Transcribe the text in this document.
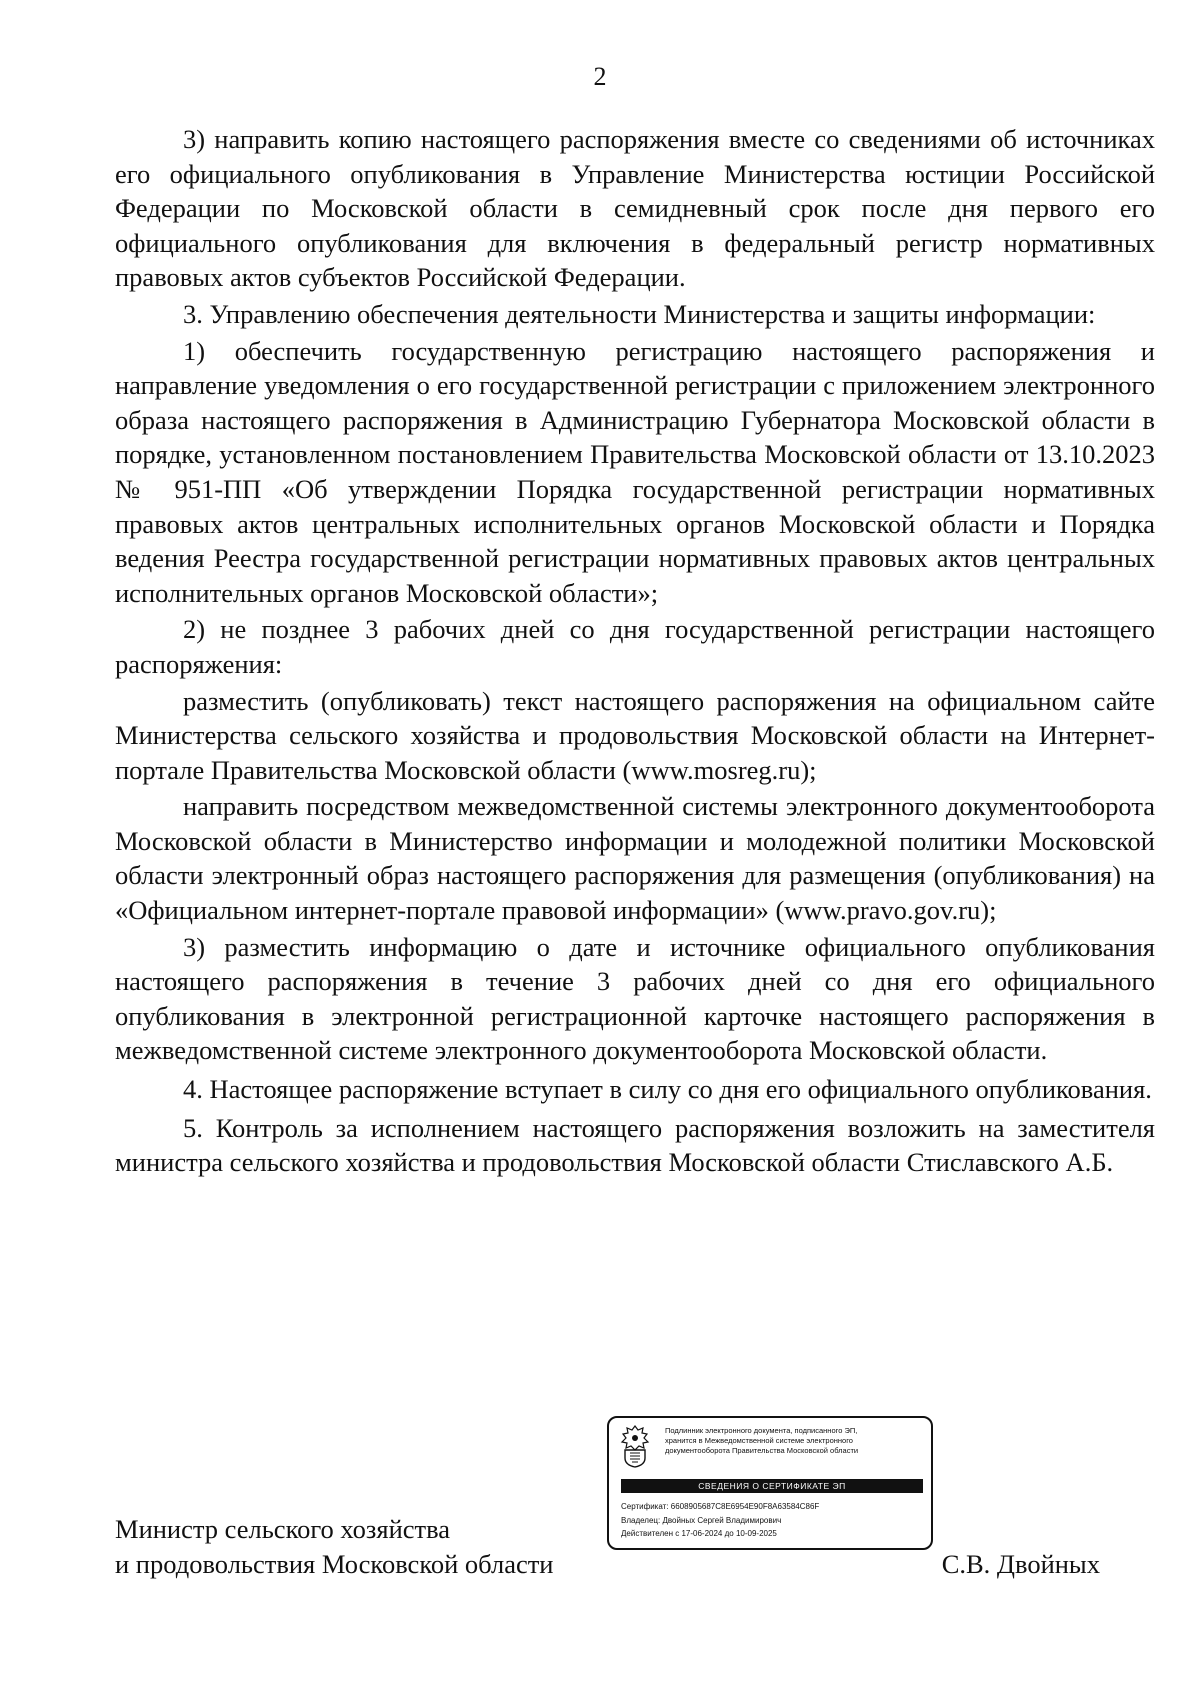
2

3) направить копию настоящего распоряжения вместе со сведениями об источниках его официального опубликования в Управление Министерства юстиции Российской Федерации по Московской области в семидневный срок после дня первого его официального опубликования для включения в федеральный регистр нормативных правовых актов субъектов Российской Федерации.

3. Управлению обеспечения деятельности Министерства и защиты информации:

1) обеспечить государственную регистрацию настоящего распоряжения и направление уведомления о его государственной регистрации с приложением электронного образа настоящего распоряжения в Администрацию Губернатора Московской области в порядке, установленном постановлением Правительства Московской области от 13.10.2023 № 951-ПП «Об утверждении Порядка государственной регистрации нормативных правовых актов центральных исполнительных органов Московской области и Порядка ведения Реестра государственной регистрации нормативных правовых актов центральных исполнительных органов Московской области»;

2) не позднее 3 рабочих дней со дня государственной регистрации настоящего распоряжения:

разместить (опубликовать) текст настоящего распоряжения на официальном сайте Министерства сельского хозяйства и продовольствия Московской области на Интернет-портале Правительства Московской области (www.mosreg.ru);

направить посредством межведомственной системы электронного документооборота Московской области в Министерство информации и молодежной политики Московской области электронный образ настоящего распоряжения для размещения (опубликования) на «Официальном интернет-портале правовой информации» (www.pravo.gov.ru);

3) разместить информацию о дате и источнике официального опубликования настоящего распоряжения в течение 3 рабочих дней со дня его официального опубликования в электронной регистрационной карточке настоящего распоряжения в межведомственной системе электронного документооборота Московской области.

4. Настоящее распоряжение вступает в силу со дня его официального опубликования.

5. Контроль за исполнением настоящего распоряжения возложить на заместителя министра сельского хозяйства и продовольствия Московской области Стиславского А.Б.

Подлинник электронного документа, подписанного ЭП,
хранится в Межведомственной системе электронного
документооборота Правительства Московской области
СВЕДЕНИЯ О СЕРТИФИКАТЕ ЭП
Сертификат: 6608905687C8E6954E90F8A63584C86F
Владелец: Двойных Сергей Владимирович
Действителен с 17-06-2024 до 10-09-2025
Министр сельского хозяйства
и продовольствия Московской области	С.В. Двойных
